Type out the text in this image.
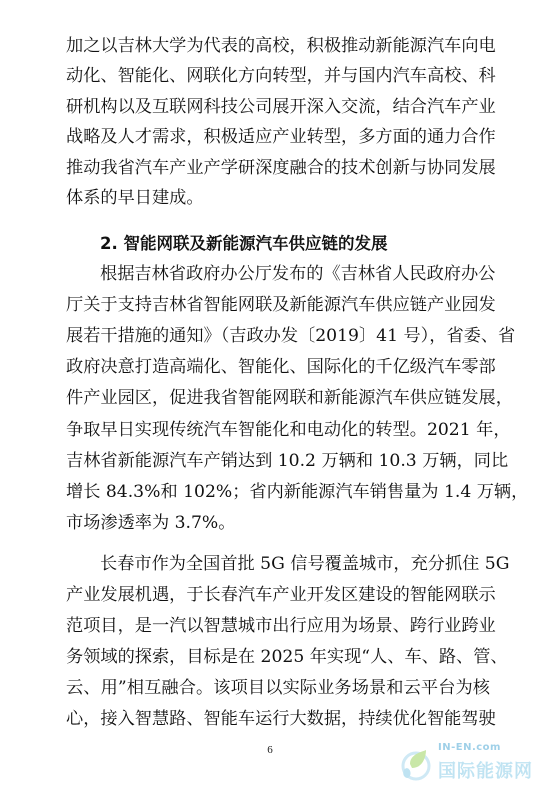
加之以吉林大学为代表的高校，积极推动新能源汽车向电
动化、智能化、网联化方向转型，并与国内汽车高校、科
研机构以及互联网科技公司展开深入交流，结合汽车产业
战略及人才需求，积极适应产业转型，多方面的通力合作
推动我省汽车产业产学研深度融合的技术创新与协同发展
体系的早日建成。
2. 智能网联及新能源汽车供应链的发展
根据吉林省政府办公厅发布的《吉林省人民政府办公
厅关于支持吉林省智能网联及新能源汽车供应链产业园发
展若干措施的通知》（吉政办发〔2019〕41 号），省委、省
政府决意打造高端化、智能化、国际化的千亿级汽车零部
件产业园区，促进我省智能网联和新能源汽车供应链发展，
争取早日实现传统汽车智能化和电动化的转型。2021 年，
吉林省新能源汽车产销达到 10.2 万辆和 10.3 万辆，同比
增长 84.3%和 102%；省内新能源汽车销售量为 1.4 万辆，
市场渗透率为 3.7%。
长春市作为全国首批 5G 信号覆盖城市，充分抓住 5G
产业发展机遇，于长春汽车产业开发区建设的智能网联示
范项目，是一汽以智慧城市出行应用为场景、跨行业跨业
务领域的探索，目标是在 2025 年实现“人、车、路、管、
云、用”相互融合。该项目以实际业务场景和云平台为核
心，接入智慧路、智能车运行大数据，持续优化智能驾驶
6	IN-EN.com
国际能源网
